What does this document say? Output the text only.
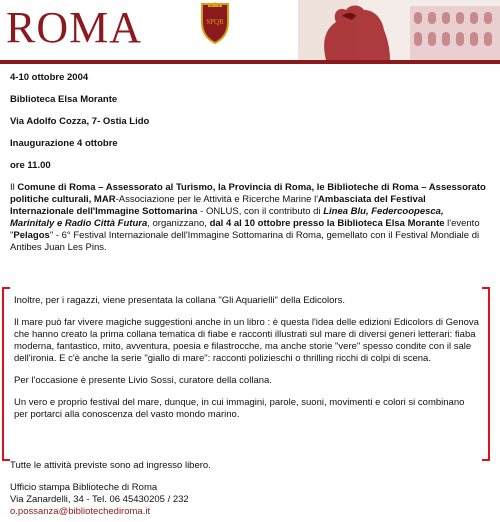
ROMA	SPQR

4-10 ottobre 2004

Biblioteca Elsa Morante

Via Adolfo Cozza, 7- Ostia Lido

Inaugurazione 4 ottobre

ore 11.00

Il Comune di Roma – Assessorato al Turismo, la Provincia di Roma, le Biblioteche di Roma – Assessorato politiche culturali, MAR-Associazione per le Attività e Ricerche Marine l'Ambasciata del Festival Internazionale dell'Immagine Sottomarina - ONLUS, con il contributo di Linea Blu, Federcoopesca, Marinitaly e Radio Città Futura, organizzano, dal 4 al 10 ottobre presso la Biblioteca Elsa Morante l'evento "Pelagos" - 6° Festival Internazionale dell'Immagine Sottomarina di Roma, gemellato con il Festival Mondiale di Antibes Juan Les Pins.

Inoltre, per i ragazzi, viene presentata la collana "Gli Aquarielli" della Edicolors.

Il mare può far vivere magiche suggestioni anche in un libro : è questa l'idea delle edizioni Edicolors di Genova che hanno creato la prima collana tematica di fiabe e racconti illustrati sul mare di diversi generi letterari: fiaba moderna, fantastico, mito, avventura, poesia e filastrocche, ma anche storie "vere" spesso condite con il sale dell'ironia. E c'è anche la serie "giallo di mare": racconti polizieschi o thrilling ricchi di colpi di scena.

Per l'occasione è presente Livio Sossi, curatore della collana.

Un vero e proprio festival del mare, dunque, in cui immagini, parole, suoni, movimenti e colori si combinano per portarci alla conoscenza del vasto mondo marino.

Tutte le attività previste sono ad ingresso libero.
Ufficio stampa Biblioteche di Roma
Via Zanardelli, 34 - Tel. 06 45430205 / 232
o.possanza@bibliotechediroma.it
